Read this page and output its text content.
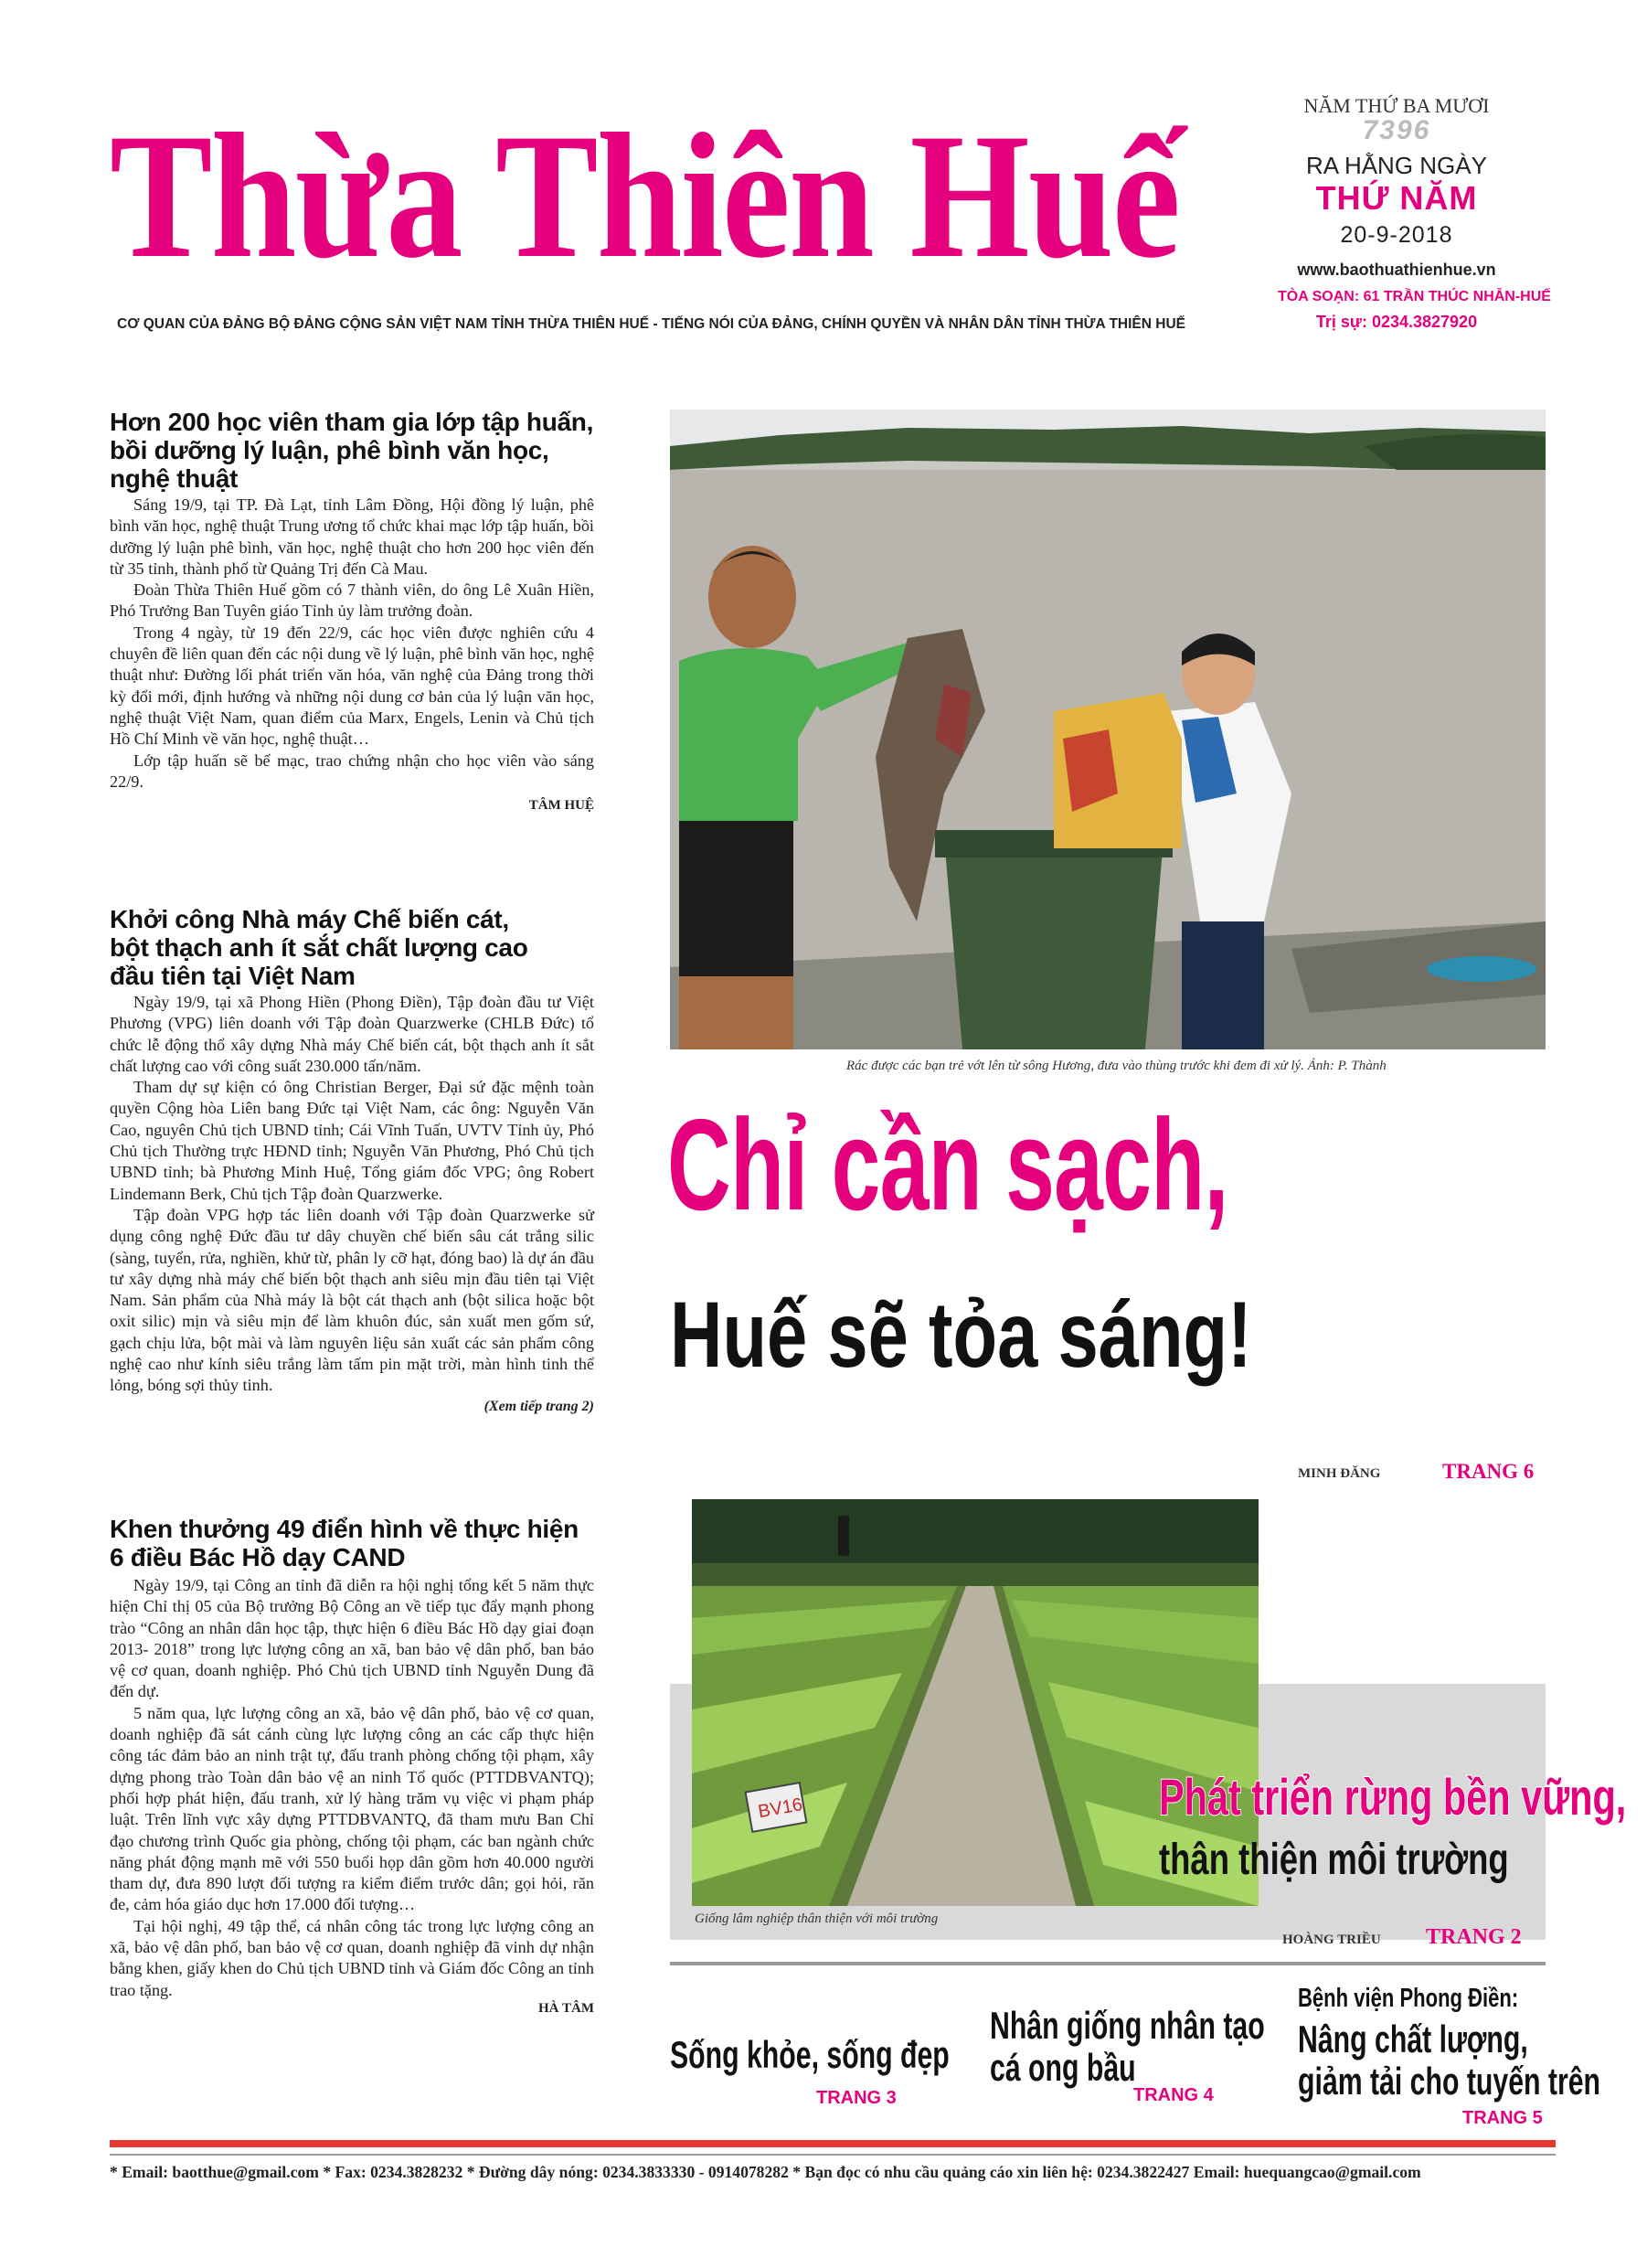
Thừa Thiên Huế
CƠ QUAN CỦA ĐẢNG BỘ ĐẢNG CỘNG SẢN VIỆT NAM TỈNH THỪA THIÊN HUẾ - TIẾNG NÓI CỦA ĐẢNG, CHÍNH QUYỀN VÀ NHÂN DÂN TỈNH THỪA THIÊN HUẾ
NĂM THỨ BA MƯƠI
7396
RA HẰNG NGÀY
THỨ NĂM
20-9-2018
www.baothuathienhue.vn
TÒA SOẠN: 61 TRẦN THÚC NHẪN-HUẾ
Trị sự: 0234.3827920
Hơn 200 học viên tham gia lớp tập huấn,
bồi dưỡng lý luận, phê bình văn học,
nghệ thuật

Sáng 19/9, tại TP. Đà Lạt, tỉnh Lâm Đồng, Hội đồng lý luận, phê bình văn học, nghệ thuật Trung ương tổ chức khai mạc lớp tập huấn, bồi dưỡng lý luận phê bình, văn học, nghệ thuật cho hơn 200 học viên đến từ 35 tỉnh, thành phố từ Quảng Trị đến Cà Mau.

Đoàn Thừa Thiên Huế gồm có 7 thành viên, do ông Lê Xuân Hiền, Phó Trưởng Ban Tuyên giáo Tỉnh ủy làm trưởng đoàn.

Trong 4 ngày, từ 19 đến 22/9, các học viên được nghiên cứu 4 chuyên đề liên quan đến các nội dung về lý luận, phê bình văn học, nghệ thuật như: Đường lối phát triển văn hóa, văn nghệ của Đảng trong thời kỳ đổi mới, định hướng và những nội dung cơ bản của lý luận văn học, nghệ thuật Việt Nam, quan điểm của Marx, Engels, Lenin và Chủ tịch Hồ Chí Minh về văn học, nghệ thuật…

Lớp tập huấn sẽ bế mạc, trao chứng nhận cho học viên vào sáng 22/9.

TÂM HUỆ
Khởi công Nhà máy Chế biến cát,
bột thạch anh ít sắt chất lượng cao
đầu tiên tại Việt Nam

Ngày 19/9, tại xã Phong Hiền (Phong Điền), Tập đoàn đầu tư Việt Phương (VPG) liên doanh với Tập đoàn Quarzwerke (CHLB Đức) tổ chức lễ động thổ xây dựng Nhà máy Chế biến cát, bột thạch anh ít sắt chất lượng cao với công suất 230.000 tấn/năm.

Tham dự sự kiện có ông Christian Berger, Đại sứ đặc mệnh toàn quyền Cộng hòa Liên bang Đức tại Việt Nam, các ông: Nguyễn Văn Cao, nguyên Chủ tịch UBND tỉnh; Cái Vĩnh Tuấn, UVTV Tỉnh ủy, Phó Chủ tịch Thường trực HĐND tỉnh; Nguyễn Văn Phương, Phó Chủ tịch UBND tỉnh; bà Phương Minh Huệ, Tổng giám đốc VPG; ông Robert Lindemann Berk, Chủ tịch Tập đoàn Quarzwerke.

Tập đoàn VPG hợp tác liên doanh với Tập đoàn Quarzwerke sử dụng công nghệ Đức đầu tư dây chuyền chế biến sâu cát trắng silic (sàng, tuyển, rửa, nghiền, khử từ, phân ly cỡ hạt, đóng bao) là dự án đầu tư xây dựng nhà máy chế biến bột thạch anh siêu mịn đầu tiên tại Việt Nam. Sản phẩm của Nhà máy là bột cát thạch anh (bột silica hoặc bột oxit silic) mịn và siêu mịn để làm khuôn đúc, sản xuất men gốm sứ, gạch chịu lửa, bột mài và làm nguyên liệu sản xuất các sản phẩm công nghệ cao như kính siêu trắng làm tấm pin mặt trời, màn hình tinh thể lỏng, bóng sợi thủy tinh.

(Xem tiếp trang 2)
Khen thưởng 49 điển hình về thực hiện
6 điều Bác Hồ dạy CAND

Ngày 19/9, tại Công an tỉnh đã diễn ra hội nghị tổng kết 5 năm thực hiện Chỉ thị 05 của Bộ trưởng Bộ Công an về tiếp tục đẩy mạnh phong trào “Công an nhân dân học tập, thực hiện 6 điều Bác Hồ dạy giai đoạn 2013- 2018” trong lực lượng công an xã, ban bảo vệ dân phố, ban bảo vệ cơ quan, doanh nghiệp. Phó Chủ tịch UBND tỉnh Nguyễn Dung đã đến dự.

5 năm qua, lực lượng công an xã, bảo vệ dân phố, bảo vệ cơ quan, doanh nghiệp đã sát cánh cùng lực lượng công an các cấp thực hiện công tác đảm bảo an ninh trật tự, đấu tranh phòng chống tội phạm, xây dựng phong trào Toàn dân bảo vệ an ninh Tổ quốc (PTTDBVANTQ); phối hợp phát hiện, đấu tranh, xử lý hàng trăm vụ việc vi phạm pháp luật. Trên lĩnh vực xây dựng PTTDBVANTQ, đã tham mưu Ban Chỉ đạo chương trình Quốc gia phòng, chống tội phạm, các ban ngành chức năng phát động mạnh mẽ với 550 buổi họp dân gồm hơn 40.000 người tham dự, đưa 890 lượt đối tượng ra kiểm điểm trước dân; gọi hỏi, răn đe, cảm hóa giáo dục hơn 17.000 đối tượng…

Tại hội nghị, 49 tập thể, cá nhân công tác trong lực lượng công an xã, bảo vệ dân phố, ban bảo vệ cơ quan, doanh nghiệp đã vinh dự nhận bằng khen, giấy khen do Chủ tịch UBND tỉnh và Giám đốc Công an tỉnh trao tặng.

HÀ TÂM
Rác được các bạn trẻ vớt lên từ sông Hương, đưa vào thùng trước khi đem đi xử lý. Ảnh: P. Thành
Chỉ cần sạch,
Huế sẽ tỏa sáng!
MINH ĐĂNG	TRANG 6
BV16	Phát triển rừng bền vững,
thân thiện môi trường
Giống lâm nghiệp thân thiện với môi trường
HOÀNG TRIỀU TRANG 2
Sống khỏe, sống đẹp
TRANG 3
Nhân giống nhân tạo
cá ong bầu
TRANG 4
Bệnh viện Phong Điền:
Nâng chất lượng,
giảm tải cho tuyến trên
TRANG 5
* Email: baotthue@gmail.com * Fax: 0234.3828232 * Đường dây nóng: 0234.3833330 - 0914078282 * Bạn đọc có nhu cầu quảng cáo xin liên hệ: 0234.3822427 Email: huequangcao@gmail.com
